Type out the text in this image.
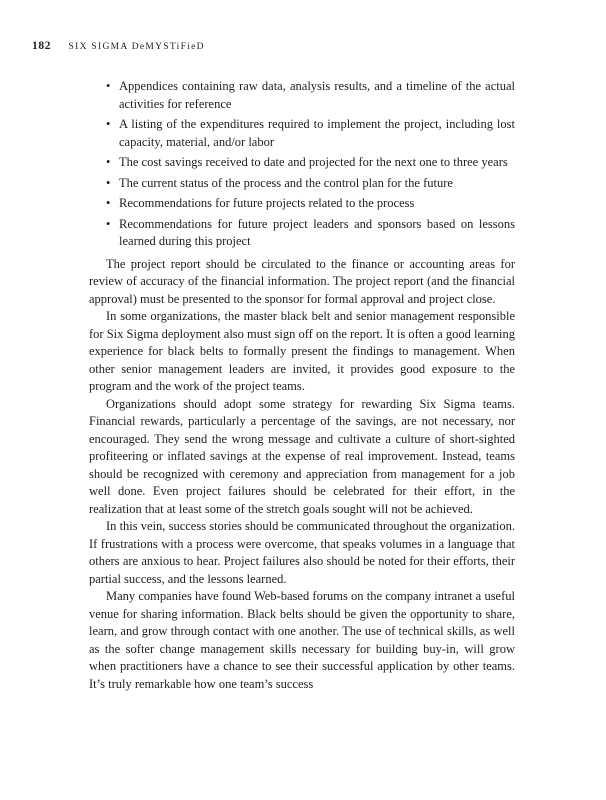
182 SIX SIGMA DeMYSTiFieD
• Appendices containing raw data, analysis results, and a timeline of the actual activities for reference
• A listing of the expenditures required to implement the project, including lost capacity, material, and/or labor
• The cost savings received to date and projected for the next one to three years
• The current status of the process and the control plan for the future
• Recommendations for future projects related to the process
• Recommendations for future project leaders and sponsors based on lessons learned during this project

The project report should be circulated to the finance or accounting areas for review of accuracy of the financial information. The project report (and the financial approval) must be presented to the sponsor for formal approval and project close.

In some organizations, the master black belt and senior management responsible for Six Sigma deployment also must sign off on the report. It is often a good learning experience for black belts to formally present the findings to management. When other senior management leaders are invited, it provides good exposure to the program and the work of the project teams.

Organizations should adopt some strategy for rewarding Six Sigma teams. Financial rewards, particularly a percentage of the savings, are not necessary, nor encouraged. They send the wrong message and cultivate a culture of short-sighted profiteering or inflated savings at the expense of real improvement. Instead, teams should be recognized with ceremony and appreciation from management for a job well done. Even project failures should be celebrated for their effort, in the realization that at least some of the stretch goals sought will not be achieved.

In this vein, success stories should be communicated throughout the organization. If frustrations with a process were overcome, that speaks volumes in a language that others are anxious to hear. Project failures also should be noted for their efforts, their partial success, and the lessons learned.

Many companies have found Web-based forums on the company intranet a useful venue for sharing information. Black belts should be given the opportunity to share, learn, and grow through contact with one another. The use of technical skills, as well as the softer change management skills necessary for building buy-in, will grow when practitioners have a chance to see their successful application by other teams. It’s truly remarkable how one team’s success
